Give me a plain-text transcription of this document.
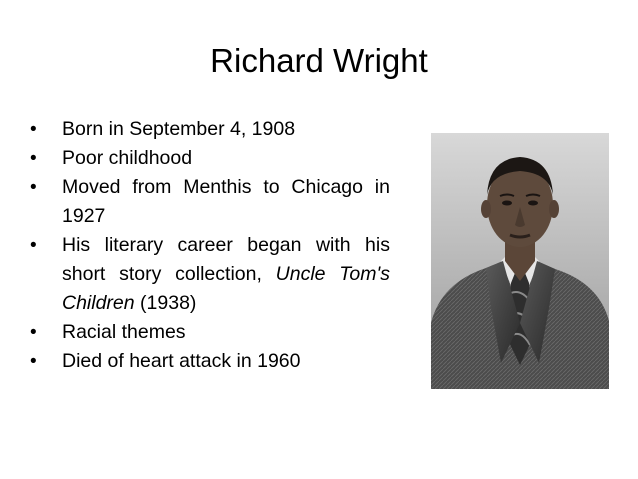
Richard Wright
•	Born in September 4, 1908
•	Poor childhood
•	Moved from Menthis to Chicago in 1927
•	His literary career began with his short story collection, Uncle Tom's Children (1938)
•	Racial themes
•	Died of heart attack in 1960
